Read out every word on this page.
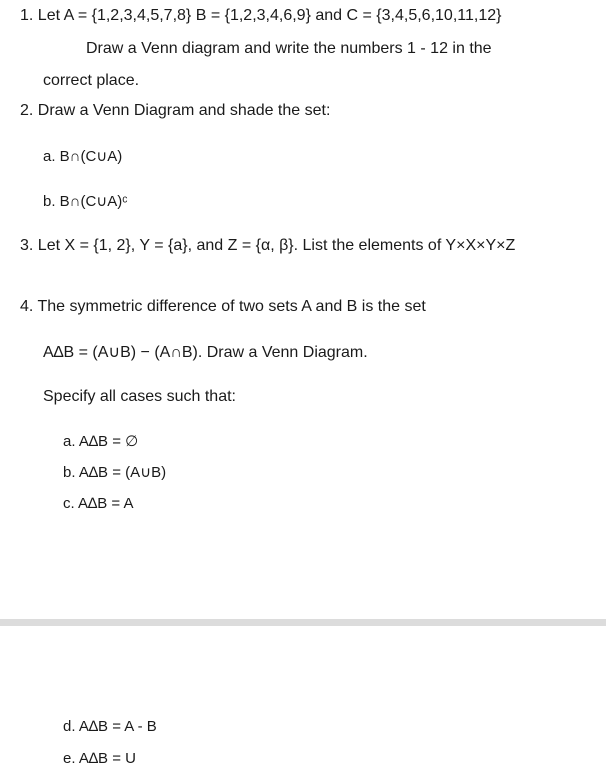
1. Let A = {1,2,3,4,5,7,8} B = {1,2,3,4,6,9} and C = {3,4,5,6,10,11,12}
Draw a Venn diagram and write the numbers 1 - 12 in the
correct place.
2. Draw a Venn Diagram and shade the set:
a. B∩(C∪A)
b. B∩(C∪A)ᶜ
3. Let X = {1, 2}, Y = {a}, and Z = {α, β}. List the elements of Y×X×Y×Z
4. The symmetric difference of two sets A and B is the set
A∆B = (A∪B) − (A∩B). Draw a Venn Diagram.
Specify all cases such that:
a. A∆B = ∅
b. A∆B = (A∪B)
c. A∆B = A
d. A∆B = A - B
e. A∆B = U
